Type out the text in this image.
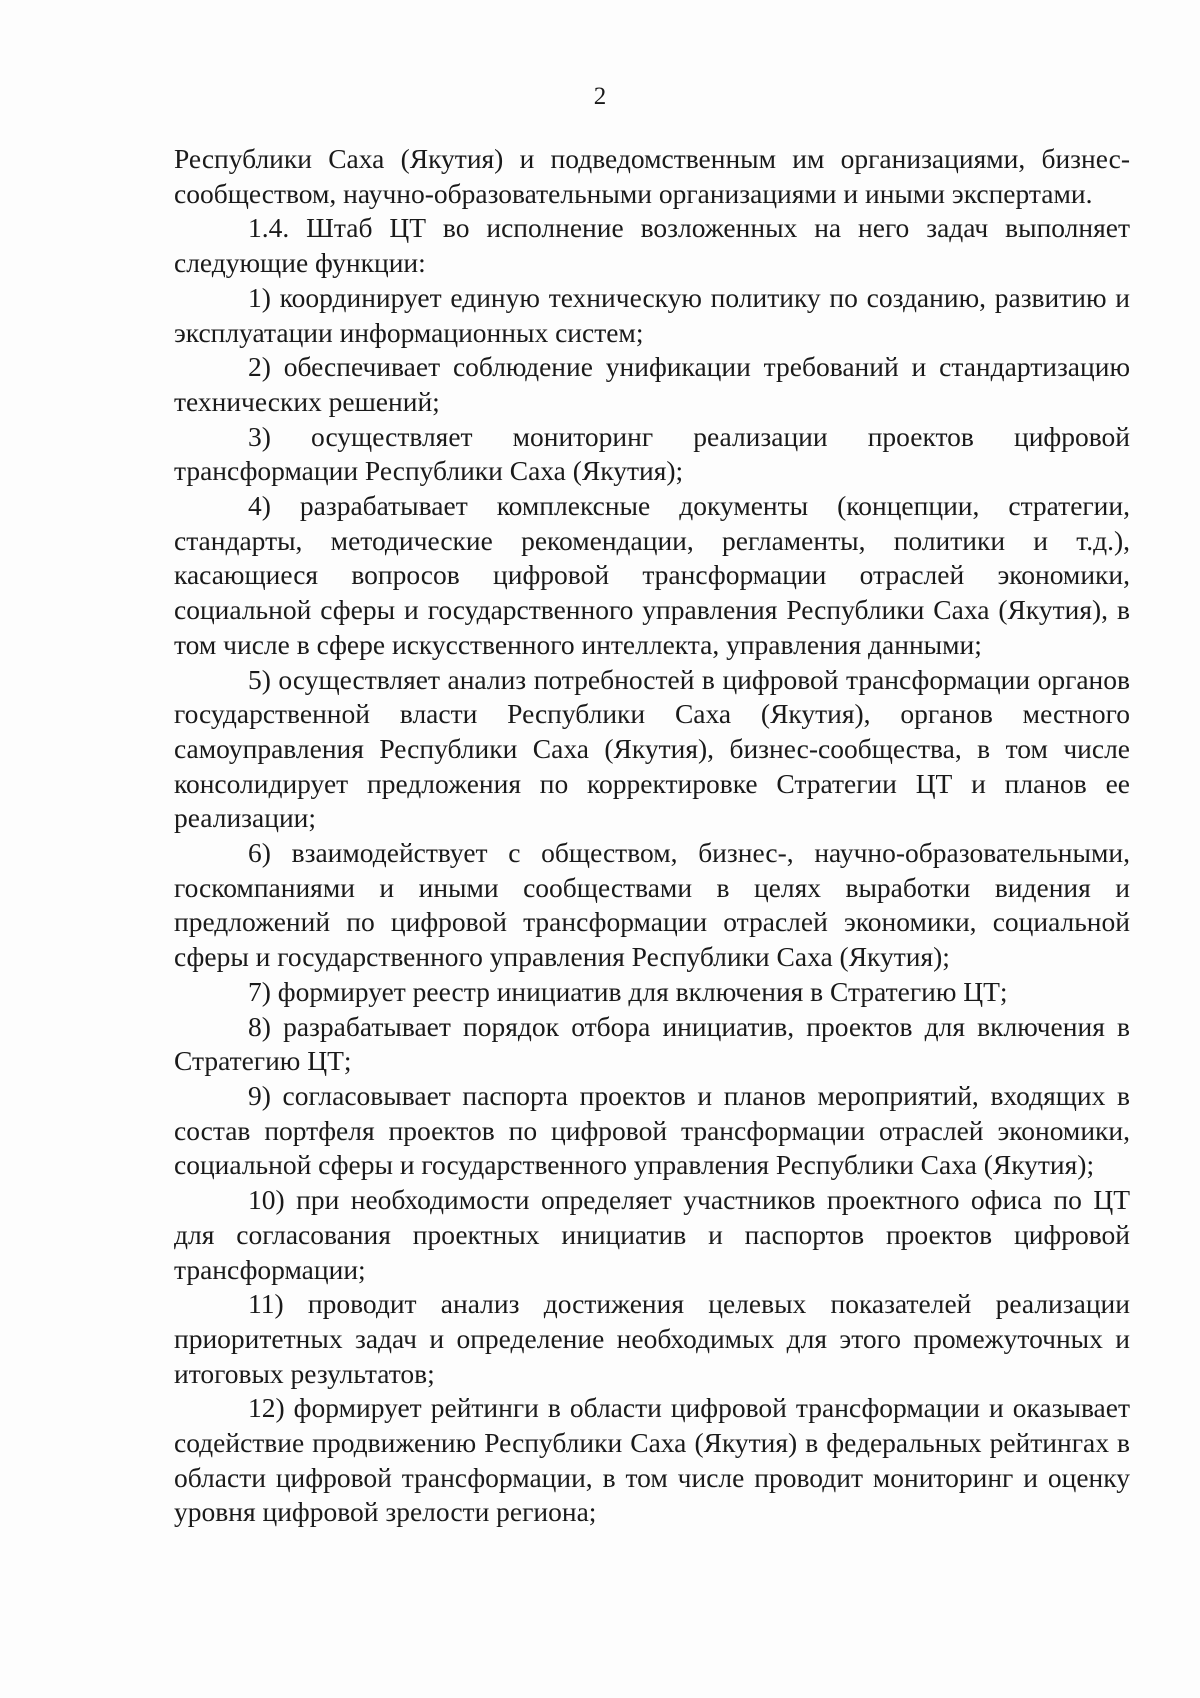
2

Республики Саха (Якутия) и подведомственным им организациями, бизнес-сообществом, научно-образовательными организациями и иными экспертами.

1.4. Штаб ЦТ во исполнение возложенных на него задач выполняет следующие функции:

1) координирует единую техническую политику по созданию, развитию и эксплуатации информационных систем;

2) обеспечивает соблюдение унификации требований и стандартизацию технических решений;

3) осуществляет мониторинг реализации проектов цифровой трансформации Республики Саха (Якутия);

4) разрабатывает комплексные документы (концепции, стратегии, стандарты, методические рекомендации, регламенты, политики и т.д.), касающиеся вопросов цифровой трансформации отраслей экономики, социальной сферы и государственного управления Республики Саха (Якутия), в том числе в сфере искусственного интеллекта, управления данными;

5) осуществляет анализ потребностей в цифровой трансформации органов государственной власти Республики Саха (Якутия), органов местного самоуправления Республики Саха (Якутия), бизнес-сообщества, в том числе консолидирует предложения по корректировке Стратегии ЦТ и планов ее реализации;

6) взаимодействует с обществом, бизнес-, научно-образовательными, госкомпаниями и иными сообществами в целях выработки видения и предложений по цифровой трансформации отраслей экономики, социальной сферы и государственного управления Республики Саха (Якутия);

7) формирует реестр инициатив для включения в Стратегию ЦТ;

8) разрабатывает порядок отбора инициатив, проектов для включения в Стратегию ЦТ;

9) согласовывает паспорта проектов и планов мероприятий, входящих в состав портфеля проектов по цифровой трансформации отраслей экономики, социальной сферы и государственного управления Республики Саха (Якутия);

10) при необходимости определяет участников проектного офиса по ЦТ для согласования проектных инициатив и паспортов проектов цифровой трансформации;

11) проводит анализ достижения целевых показателей реализации приоритетных задач и определение необходимых для этого промежуточных и итоговых результатов;

12) формирует рейтинги в области цифровой трансформации и оказывает содействие продвижению Республики Саха (Якутия) в федеральных рейтингах в области цифровой трансформации, в том числе проводит мониторинг и оценку уровня цифровой зрелости региона;
